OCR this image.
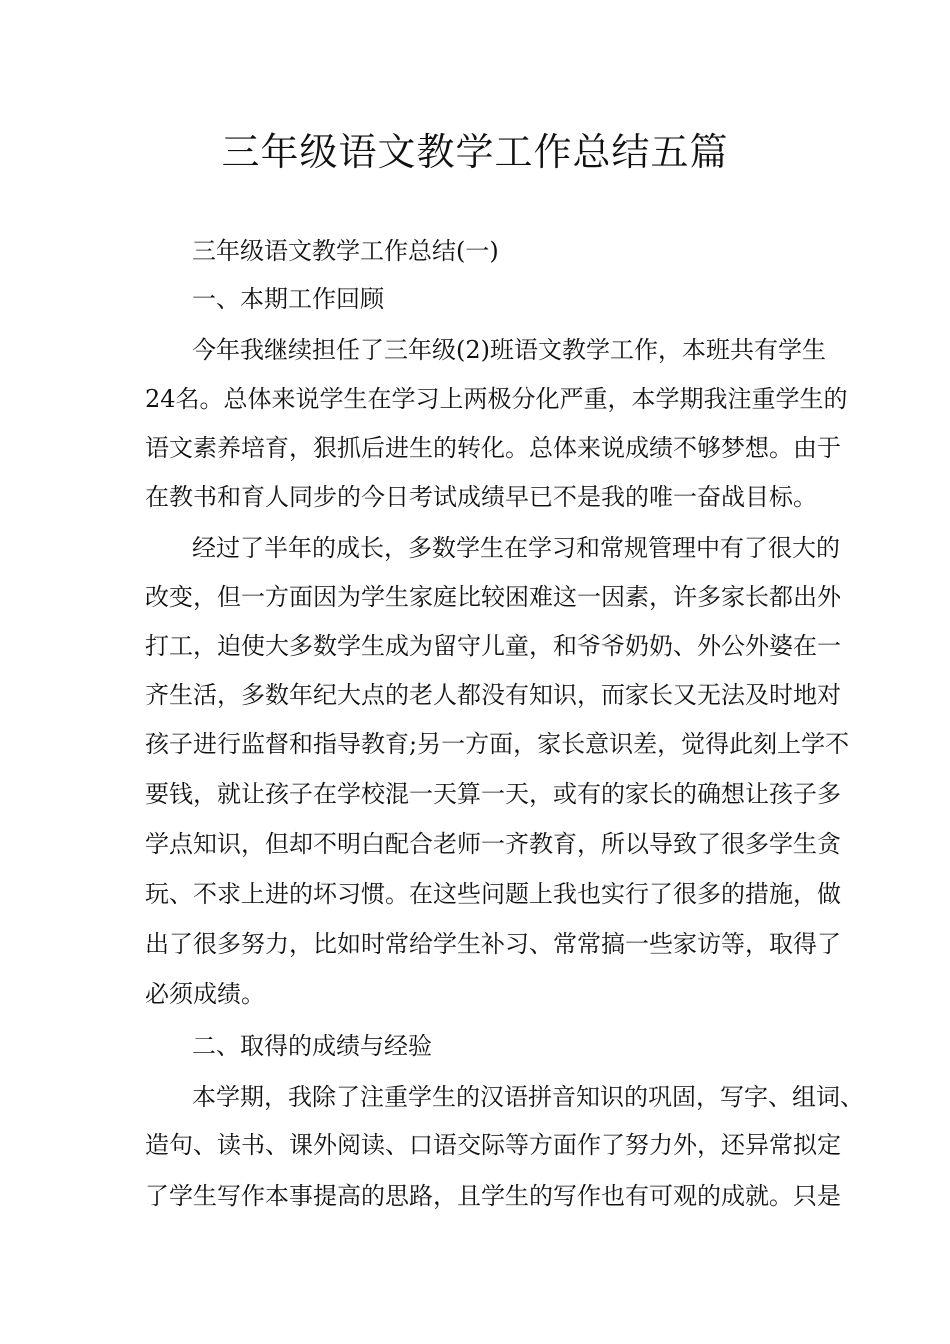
三年级语文教学工作总结五篇
三年级语文教学工作总结(一)
一、本期工作回顾
今年我继续担任了三年级(2)班语文教学工作，本班共有学生
24名。总体来说学生在学习上两极分化严重，本学期我注重学生的
语文素养培育，狠抓后进生的转化。总体来说成绩不够梦想。由于
在教书和育人同步的今日考试成绩早已不是我的唯一奋战目标。
经过了半年的成长，多数学生在学习和常规管理中有了很大的
改变，但一方面因为学生家庭比较困难这一因素，许多家长都出外
打工，迫使大多数学生成为留守儿童，和爷爷奶奶、外公外婆在一
齐生活，多数年纪大点的老人都没有知识，而家长又无法及时地对
孩子进行监督和指导教育;另一方面，家长意识差，觉得此刻上学不
要钱，就让孩子在学校混一天算一天，或有的家长的确想让孩子多
学点知识，但却不明白配合老师一齐教育，所以导致了很多学生贪
玩、不求上进的坏习惯。在这些问题上我也实行了很多的措施，做
出了很多努力，比如时常给学生补习、常常搞一些家访等，取得了
必须成绩。
二、取得的成绩与经验
本学期，我除了注重学生的汉语拼音知识的巩固，写字、组词、
造句、读书、课外阅读、口语交际等方面作了努力外，还异常拟定
了学生写作本事提高的思路，且学生的写作也有可观的成就。只是
